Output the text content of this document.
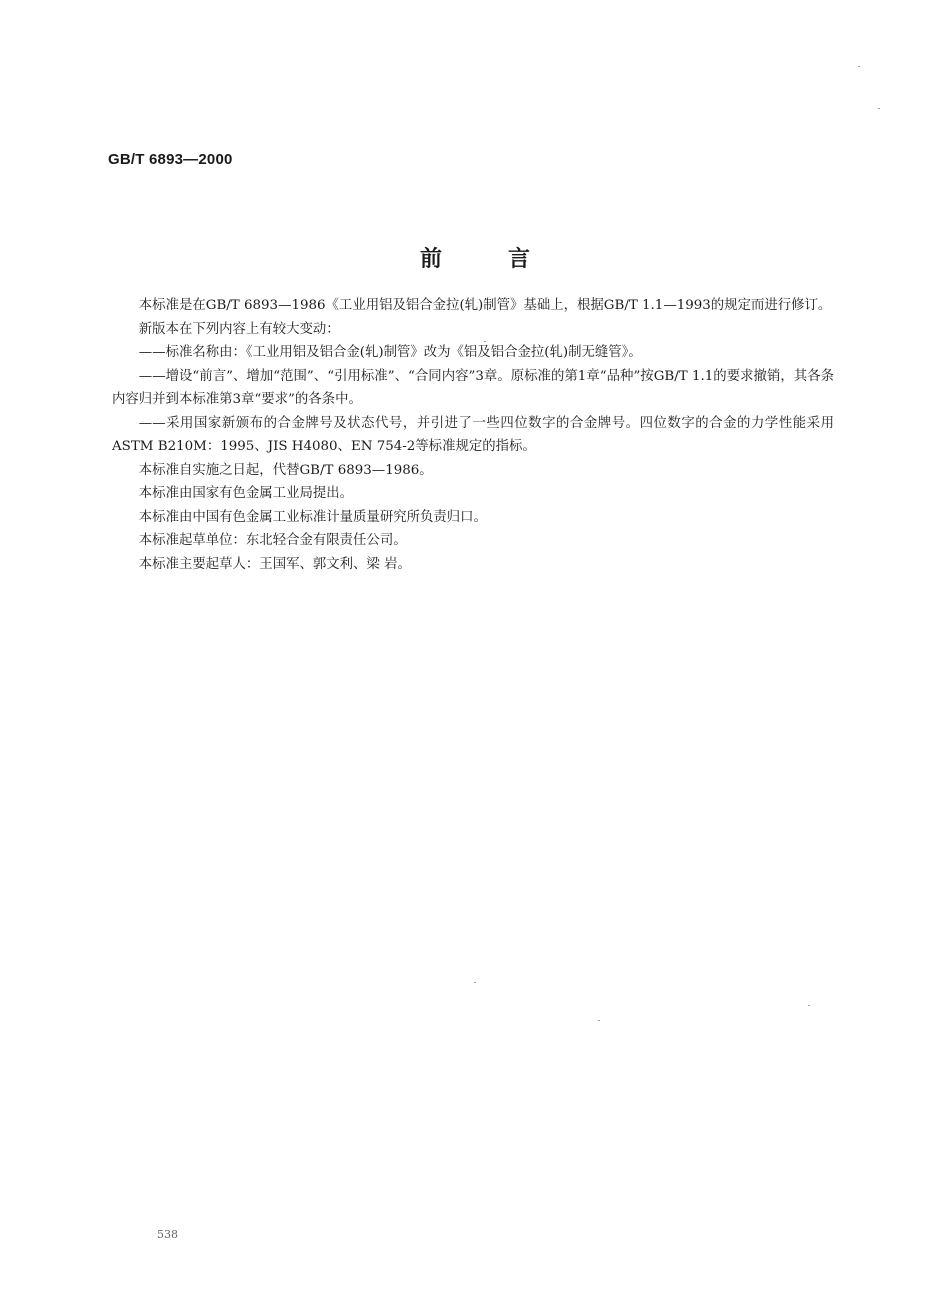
GB/T 6893—2000
前言

本标准是在GB/T 6893—1986《工业用铝及铝合金拉(轧)制管》基础上，根据GB/T 1.1—1993的规定而进行修订。

新版本在下列内容上有较大变动：

——标准名称由：《工业用铝及铝合金(轧)制管》改为《铝及铝合金拉(轧)制无缝管》。

——增设“前言”、增加“范围”、“引用标准”、“合同内容”3章。原标准的第1章“品种”按GB/T 1.1的要求撤销，其各条内容归并到本标准第3章“要求”的各条中。

——采用国家新颁布的合金牌号及状态代号，并引进了一些四位数字的合金牌号。四位数字的合金的力学性能采用ASTM B210M：1995、JIS H4080、EN 754-2等标准规定的指标。

本标准自实施之日起，代替GB/T 6893—1986。

本标准由国家有色金属工业局提出。

本标准由中国有色金属工业标准计量质量研究所负责归口。

本标准起草单位：东北轻合金有限责任公司。

本标准主要起草人：王国军、郭文利、梁 岩。

538
